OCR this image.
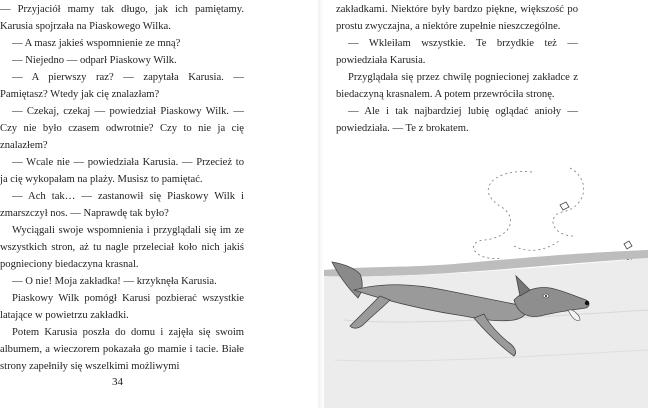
— Przyjaciół mamy tak długo, jak ich pamiętamy. Karusia spojrzała na Piaskowego Wilka.

— A masz jakieś wspomnienie ze mną?

— Niejedno — odparł Piaskowy Wilk.

— A pierwszy raz? — zapytała Karusia. — Pamiętasz? Wtedy jak cię znalazłam?

— Czekaj, czekaj — powiedział Piaskowy Wilk. — Czy nie było czasem odwrotnie? Czy to nie ja cię znalazłem?

— Wcale nie — powiedziała Karusia. — Przecież to ja cię wykopałam na plaży. Musisz to pamiętać.

— Ach tak… — zastanowił się Piaskowy Wilk i zmarszczył nos. — Naprawdę tak było?

Wyciągali swoje wspomnienia i przyglądali się im ze wszystkich stron, aż tu nagle przeleciał koło nich jakiś pognieciony biedaczyna krasnal.

— O nie! Moja zakładka! — krzyknęła Karusia.

Piaskowy Wilk pomógł Karusi pozbierać wszystkie latające w powietrzu zakładki.

Potem Karusia poszła do domu i zajęła się swoim albumem, a wieczorem pokazała go mamie i tacie. Białe strony zapełniły się wszelkimi możliwymi

34

zakładkami. Niektóre były bardzo piękne, większość po prostu zwyczajna, a niektóre zupełnie nieszczególne.

— Wkleiłam wszystkie. Te brzydkie też — powiedziała Karusia.

Przyglądała się przez chwilę pogniecionej zakładce z biedaczyną krasnalem. A potem przewróciła stronę.

— Ale i tak najbardziej lubię oglądać anioły — powiedziała. — Te z brokatem.
